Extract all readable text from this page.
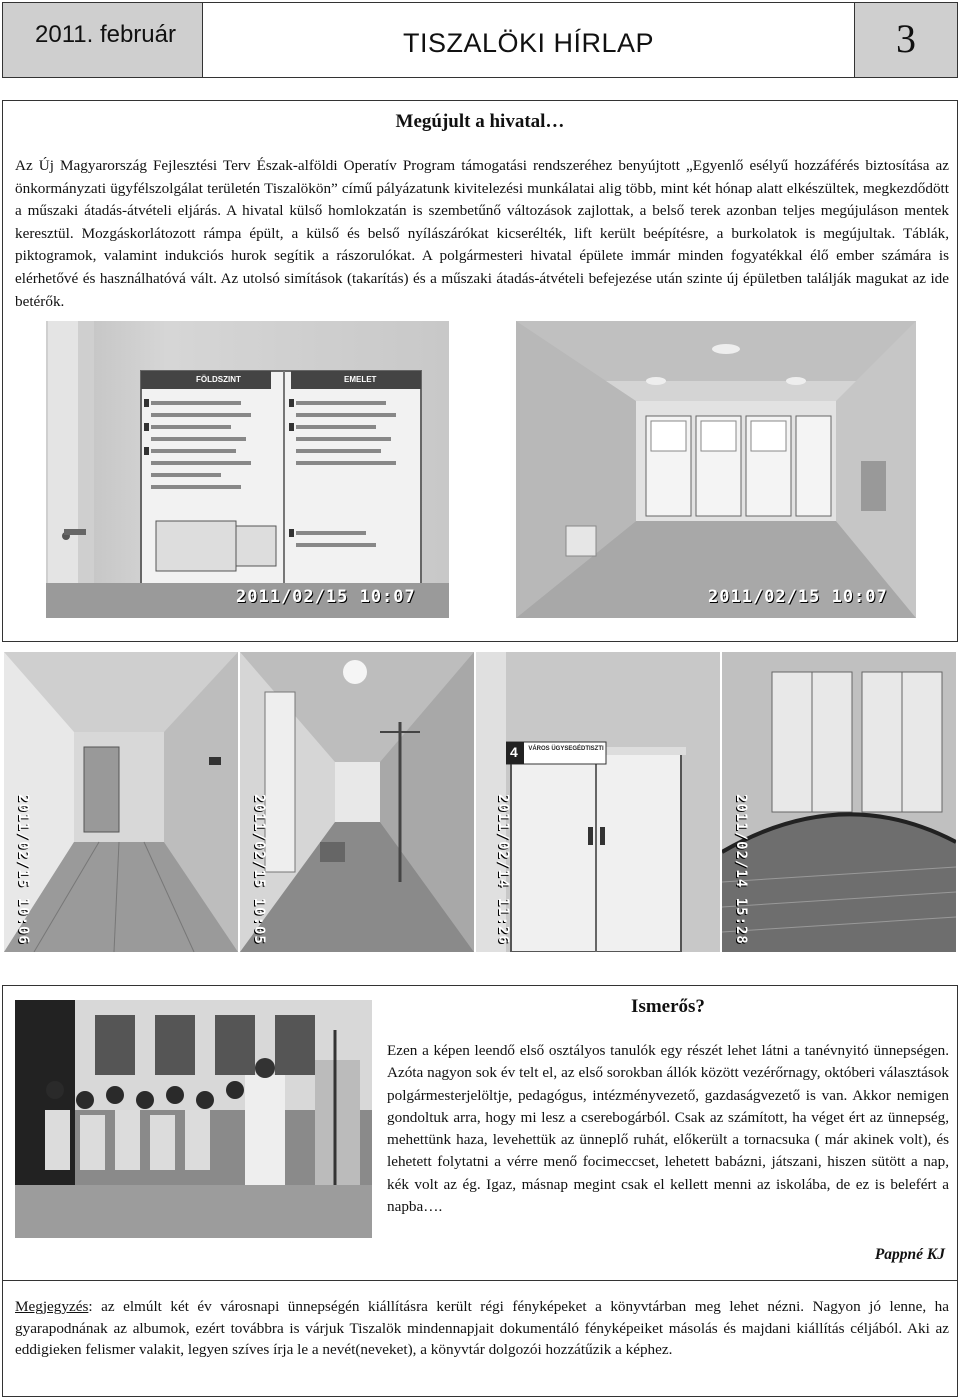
2011. február	TISZALÖKI HÍRLAP	3
Megújult a hivatal…
Az Új Magyarország Fejlesztési Terv Észak-alföldi Operatív Program támogatási rendszeréhez benyújtott „Egyenlő esélyű hozzáférés biztosítása az önkormányzati ügyfélszolgálat területén Tiszalökön” című pályázatunk kivitelezési munkálatai alig több, mint két hónap alatt elkészültek, megkezdődött a műszaki átadás-átvételi eljárás. A hivatal külső homlokzatán is szembetűnő változások zajlottak, a belső terek azonban teljes megújuláson mentek keresztül. Mozgáskorlátozott rámpa épült, a külső és belső nyílászárókat kicserélték, lift került beépítésre, a burkolatok is megújultak. Táblák, piktogramok, valamint indukciós hurok segítik a rászorulókat. A polgármesteri hivatal épülete immár minden fogyatékkal élő ember számára is elérhetővé és használhatóvá vált. Az utolsó simítások (takarítás) és a műszaki átadás-átvételi befejezése után szinte új épületben találják magukat az ide betérők.
FÖLDSZINT	EMELET
2011/02/15 10:07	2011/02/15 10:07
2011/02/15 10:06	2011/02/15 10:05
4 VÁROS ÜGYSEGÉDTISZTI
2011/02/14 11:26	2011/02/14 15:28
Ismerős?
Ezen a képen leendő első osztályos tanulók egy részét lehet látni a tanévnyitó ünnepségen. Azóta nagyon sok év telt el, az első sorokban állók között vezérőrnagy, októberi választások polgármesterjelöltje, pedagógus, intézményvezető, gazdaságvezető is van. Akkor nemigen gondoltuk arra, hogy mi lesz a cserebogárból. Csak az számított, ha véget ért az ünnepség, mehettünk haza, levehettük az ünneplő ruhát, előkerült a tornacsuka ( már akinek volt), és lehetett folytatni a vérre menő focimeccset, lehetett babázni, játszani, hiszen sütött a nap, kék volt az ég. Igaz, másnap megint csak el kellett menni az iskolába, de ez is belefért a napba….
Pappné KJ
Megjegyzés: az elmúlt két év városnapi ünnepségén kiállításra került régi fényképeket a könyvtárban meg lehet nézni. Nagyon jó lenne, ha gyarapodnának az albumok, ezért továbbra is várjuk Tiszalök mindennapjait dokumentáló fényképeiket másolás és majdani kiállítás céljából. Aki az eddigieken felismer valakit, legyen szíves írja le a nevét(neveket), a könyvtár dolgozói hozzátűzik a képhez.
